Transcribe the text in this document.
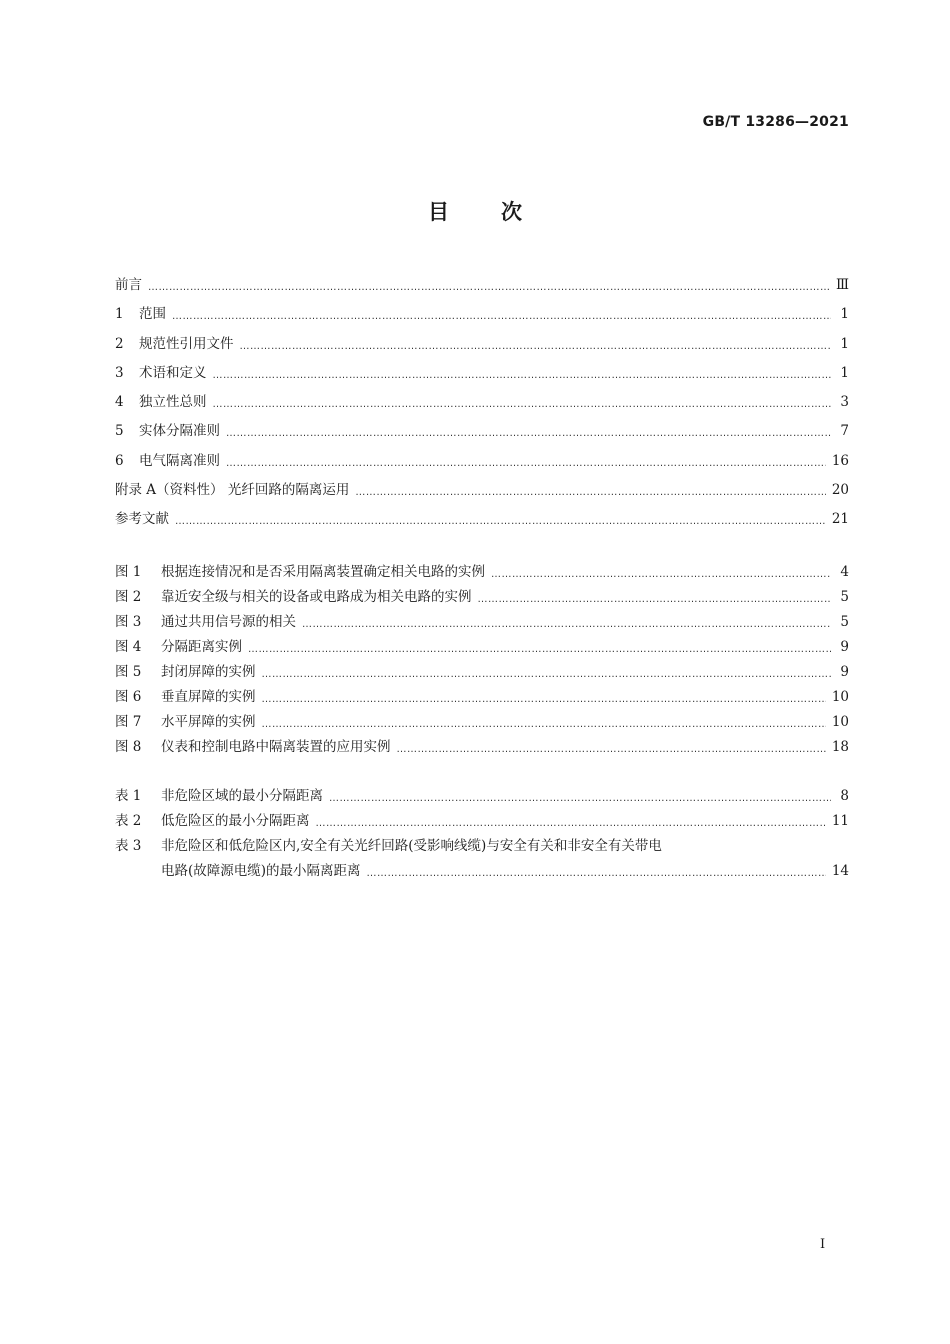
GB/T 13286—2021
目次
前言 ………………………………………………………………………………………………………………………………………………………………………………………………………………………………	Ⅲ
1 范围 ………………………………………………………………………………………………………………………………………………………………………………………………………………………………	1
2 规范性引用文件 ………………………………………………………………………………………………………………………………………………………………………………………………………………………………	1
3 术语和定义 ………………………………………………………………………………………………………………………………………………………………………………………………………………………………	1
4 独立性总则 ………………………………………………………………………………………………………………………………………………………………………………………………………………………………	3
5 实体分隔准则 ………………………………………………………………………………………………………………………………………………………………………………………………………………………………	7
6 电气隔离准则 ………………………………………………………………………………………………………………………………………………………………………………………………………………………………	16
附录 A（资料性） 光纤回路的隔离运用 ………………………………………………………………………………………………………………………………………………………………………………………………………………………………	20
参考文献 ………………………………………………………………………………………………………………………………………………………………………………………………………………………………	21
图 1 根据连接情况和是否采用隔离装置确定相关电路的实例 ………………………………………………………………………………………………………………………………………………………………………………………………………………………………	4
图 2 靠近安全级与相关的设备或电路成为相关电路的实例 ………………………………………………………………………………………………………………………………………………………………………………………………………………………………	5
图 3 通过共用信号源的相关 ………………………………………………………………………………………………………………………………………………………………………………………………………………………………	5
图 4 分隔距离实例 ………………………………………………………………………………………………………………………………………………………………………………………………………………………………	9
图 5 封闭屏障的实例 ………………………………………………………………………………………………………………………………………………………………………………………………………………………………	9
图 6 垂直屏障的实例 ………………………………………………………………………………………………………………………………………………………………………………………………………………………………	10
图 7 水平屏障的实例 ………………………………………………………………………………………………………………………………………………………………………………………………………………………………	10
图 8 仪表和控制电路中隔离装置的应用实例 ………………………………………………………………………………………………………………………………………………………………………………………………………………………………	18
表 1 非危险区域的最小分隔距离 ………………………………………………………………………………………………………………………………………………………………………………………………………………………………	8
表 2 低危险区的最小分隔距离 ………………………………………………………………………………………………………………………………………………………………………………………………………………………………	11
表 3 非危险区和低危险区内,安全有关光纤回路(受影响线缆)与安全有关和非安全有关带电
电路(故障源电缆)的最小隔离距离 ………………………………………………………………………………………………………………………………………………………………………………………………………………………………	14
I
